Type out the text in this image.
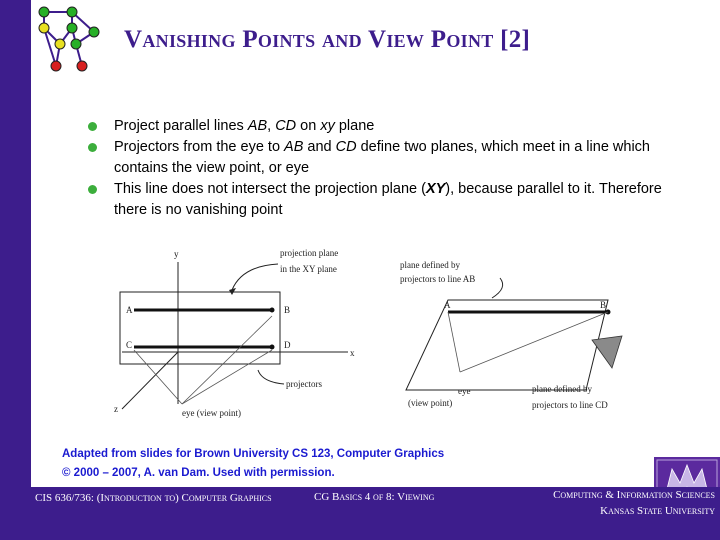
Vanishing Points and View Point [2]
Project parallel lines AB, CD on xy plane
Projectors from the eye to AB and CD define two planes, which meet in a line which contains the view point, or eye
This line does not intersect the projection plane (XY), because parallel to it. Therefore there is no vanishing point
y
x
z
A	B
C	D
projection plane
in the XY plane
projectors
eye (view point)
plane defined by
projectors to line AB
A	B
eye
(view point)
plane defined by
projectors to line CD
Adapted from slides for Brown University CS 123, Computer Graphics
© 2000 – 2007, A. van Dam. Used with permission.
CIS 636/736: (Introduction to) Computer Graphics	CG Basics 4 of 8: Viewing	Computing & Information Sciences
Kansas State University
